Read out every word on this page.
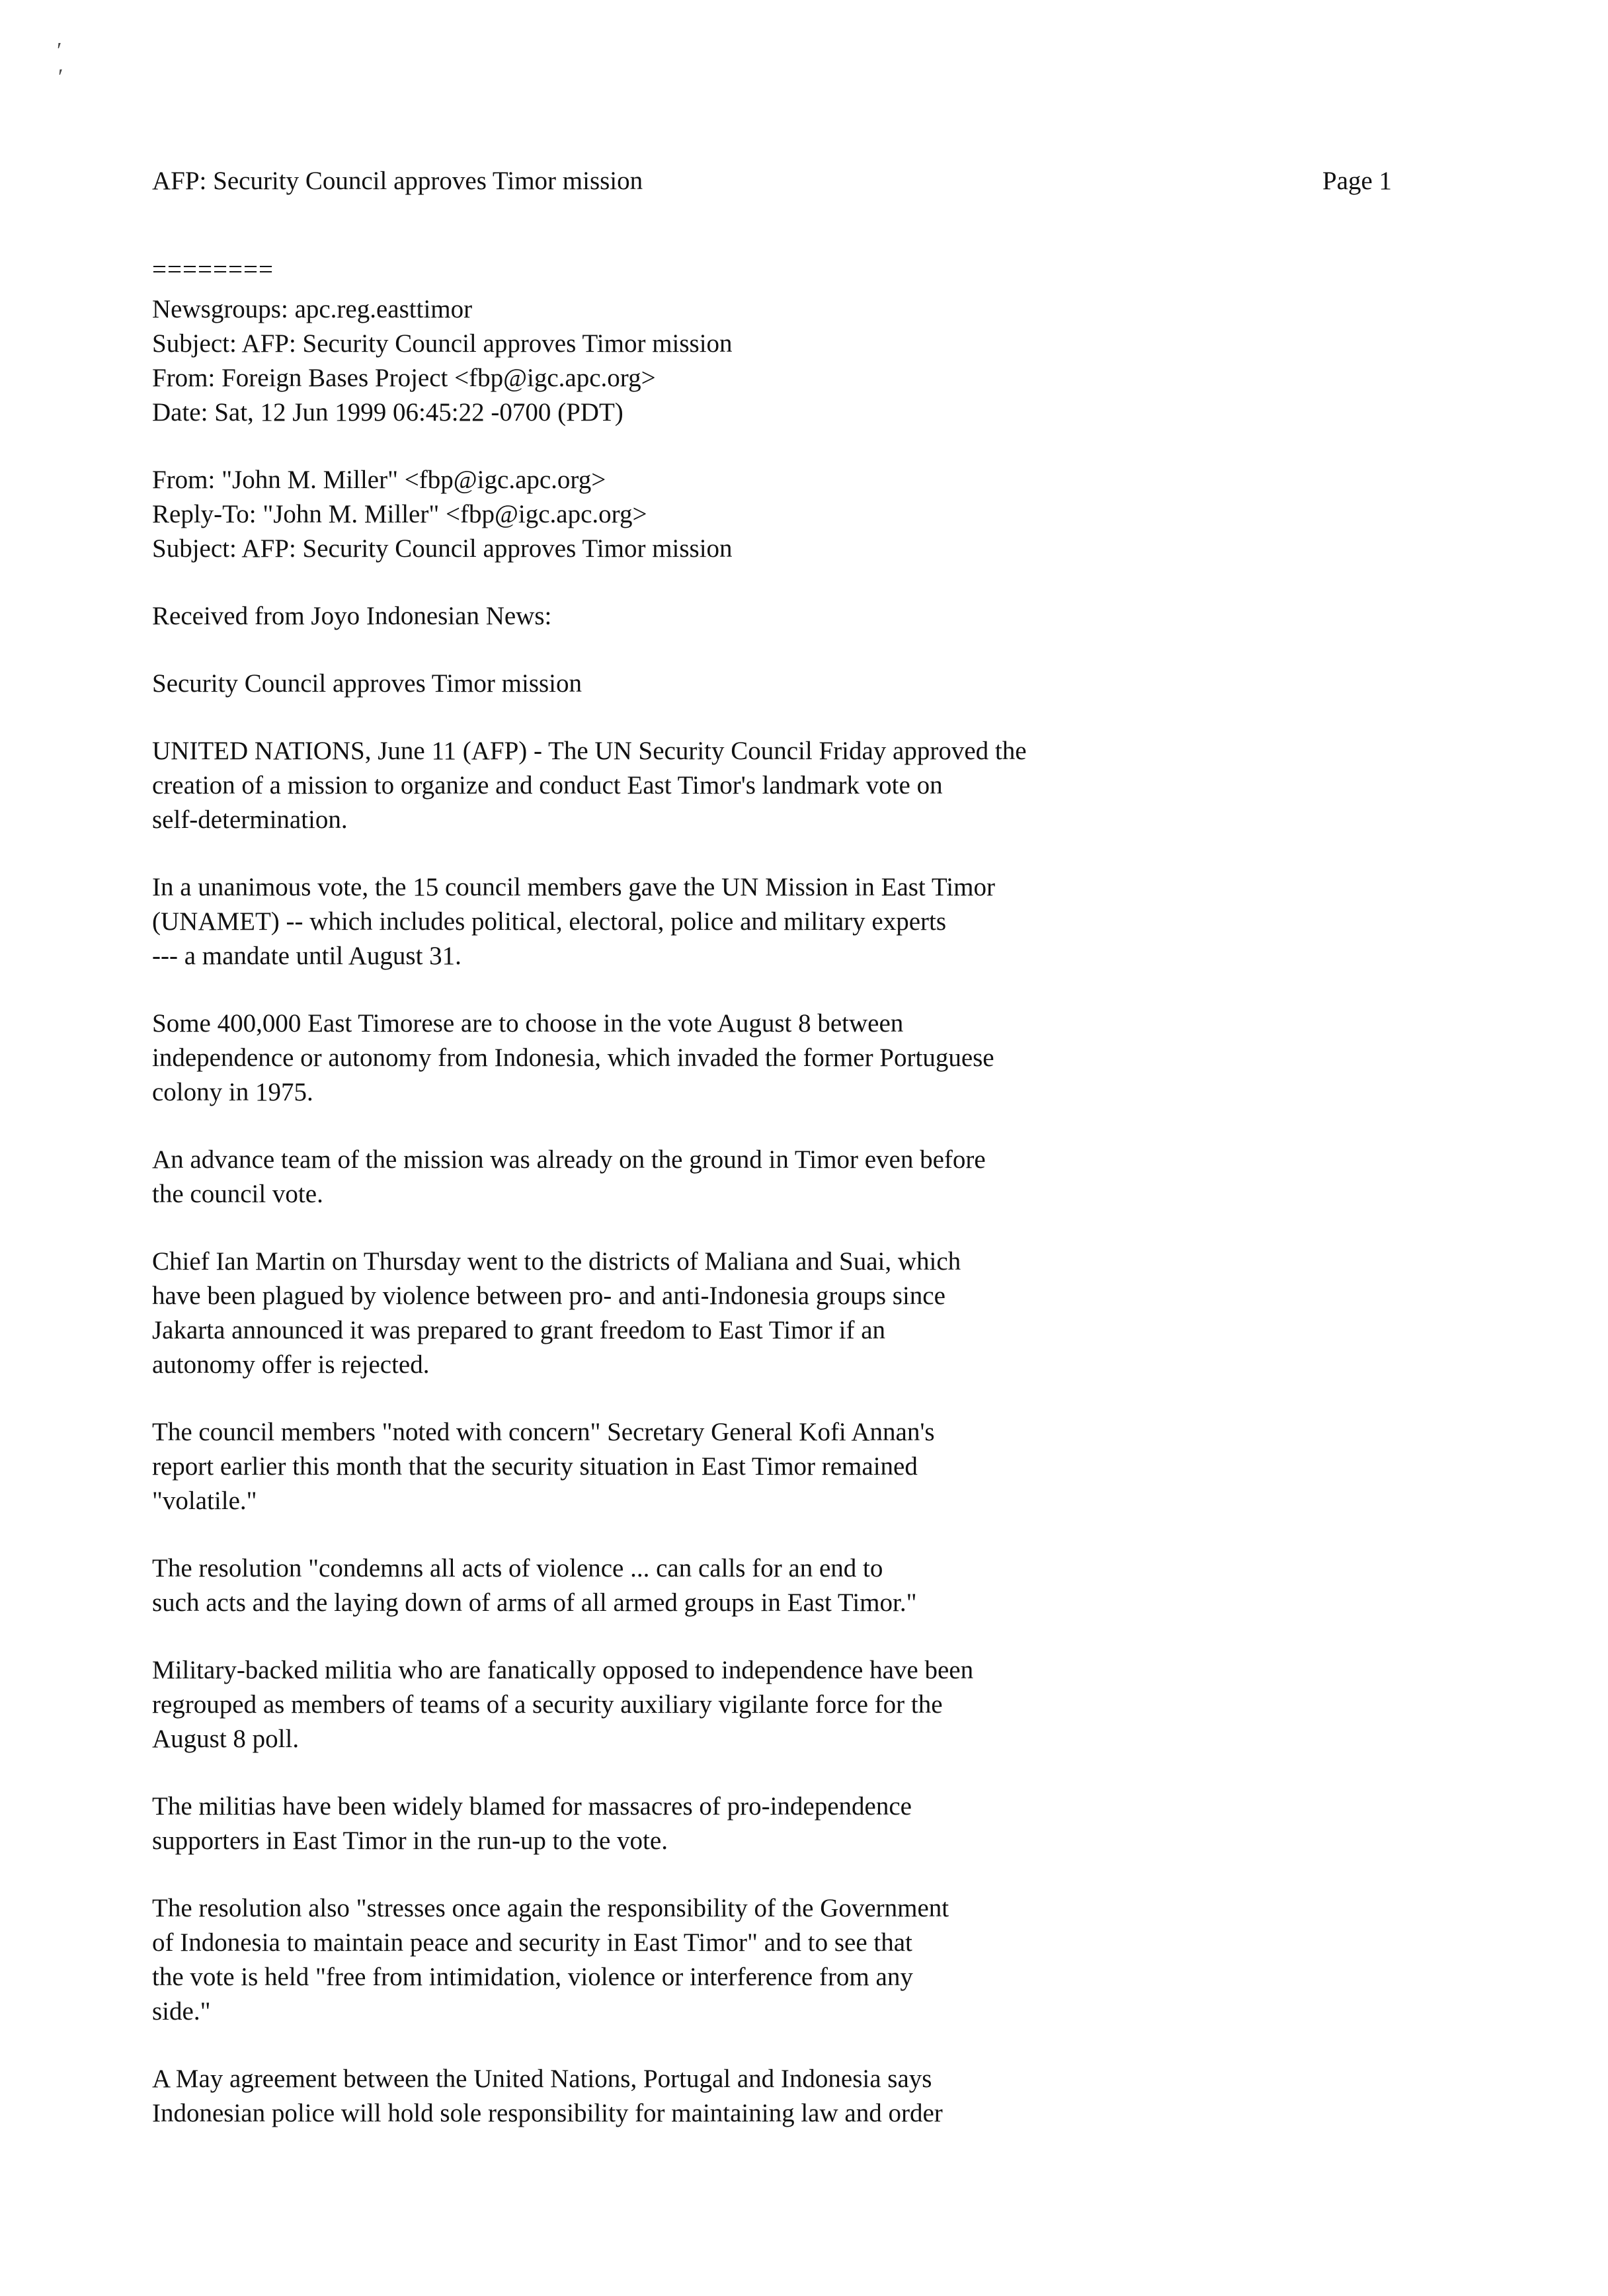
′
′
AFP: Security Council approves Timor mission	Page 1
========
Newsgroups: apc.reg.easttimor
Subject: AFP: Security Council approves Timor mission
From: Foreign Bases Project <fbp@igc.apc.org>
Date: Sat, 12 Jun 1999 06:45:22 -0700 (PDT)
From: "John M. Miller" <fbp@igc.apc.org>
Reply-To: "John M. Miller" <fbp@igc.apc.org>
Subject: AFP: Security Council approves Timor mission
Received from Joyo Indonesian News:
Security Council approves Timor mission
UNITED NATIONS, June 11 (AFP) - The UN Security Council Friday approved the
creation of a mission to organize and conduct East Timor's landmark vote on
self-determination.
In a unanimous vote, the 15 council members gave the UN Mission in East Timor
(UNAMET) -- which includes political, electoral, police and military experts
--- a mandate until August 31.
Some 400,000 East Timorese are to choose in the vote August 8 between
independence or autonomy from Indonesia, which invaded the former Portuguese
colony in 1975.
An advance team of the mission was already on the ground in Timor even before
the council vote.
Chief Ian Martin on Thursday went to the districts of Maliana and Suai, which
have been plagued by violence between pro- and anti-Indonesia groups since
Jakarta announced it was prepared to grant freedom to East Timor if an
autonomy offer is rejected.
The council members "noted with concern" Secretary General Kofi Annan's
report earlier this month that the security situation in East Timor remained
"volatile."
The resolution "condemns all acts of violence ... can calls for an end to
such acts and the laying down of arms of all armed groups in East Timor."
Military-backed militia who are fanatically opposed to independence have been
regrouped as members of teams of a security auxiliary vigilante force for the
August 8 poll.
The militias have been widely blamed for massacres of pro-independence
supporters in East Timor in the run-up to the vote.
The resolution also "stresses once again the responsibility of the Government
of Indonesia to maintain peace and security in East Timor" and to see that
the vote is held "free from intimidation, violence or interference from any
side."
A May agreement between the United Nations, Portugal and Indonesia says
Indonesian police will hold sole responsibility for maintaining law and order
